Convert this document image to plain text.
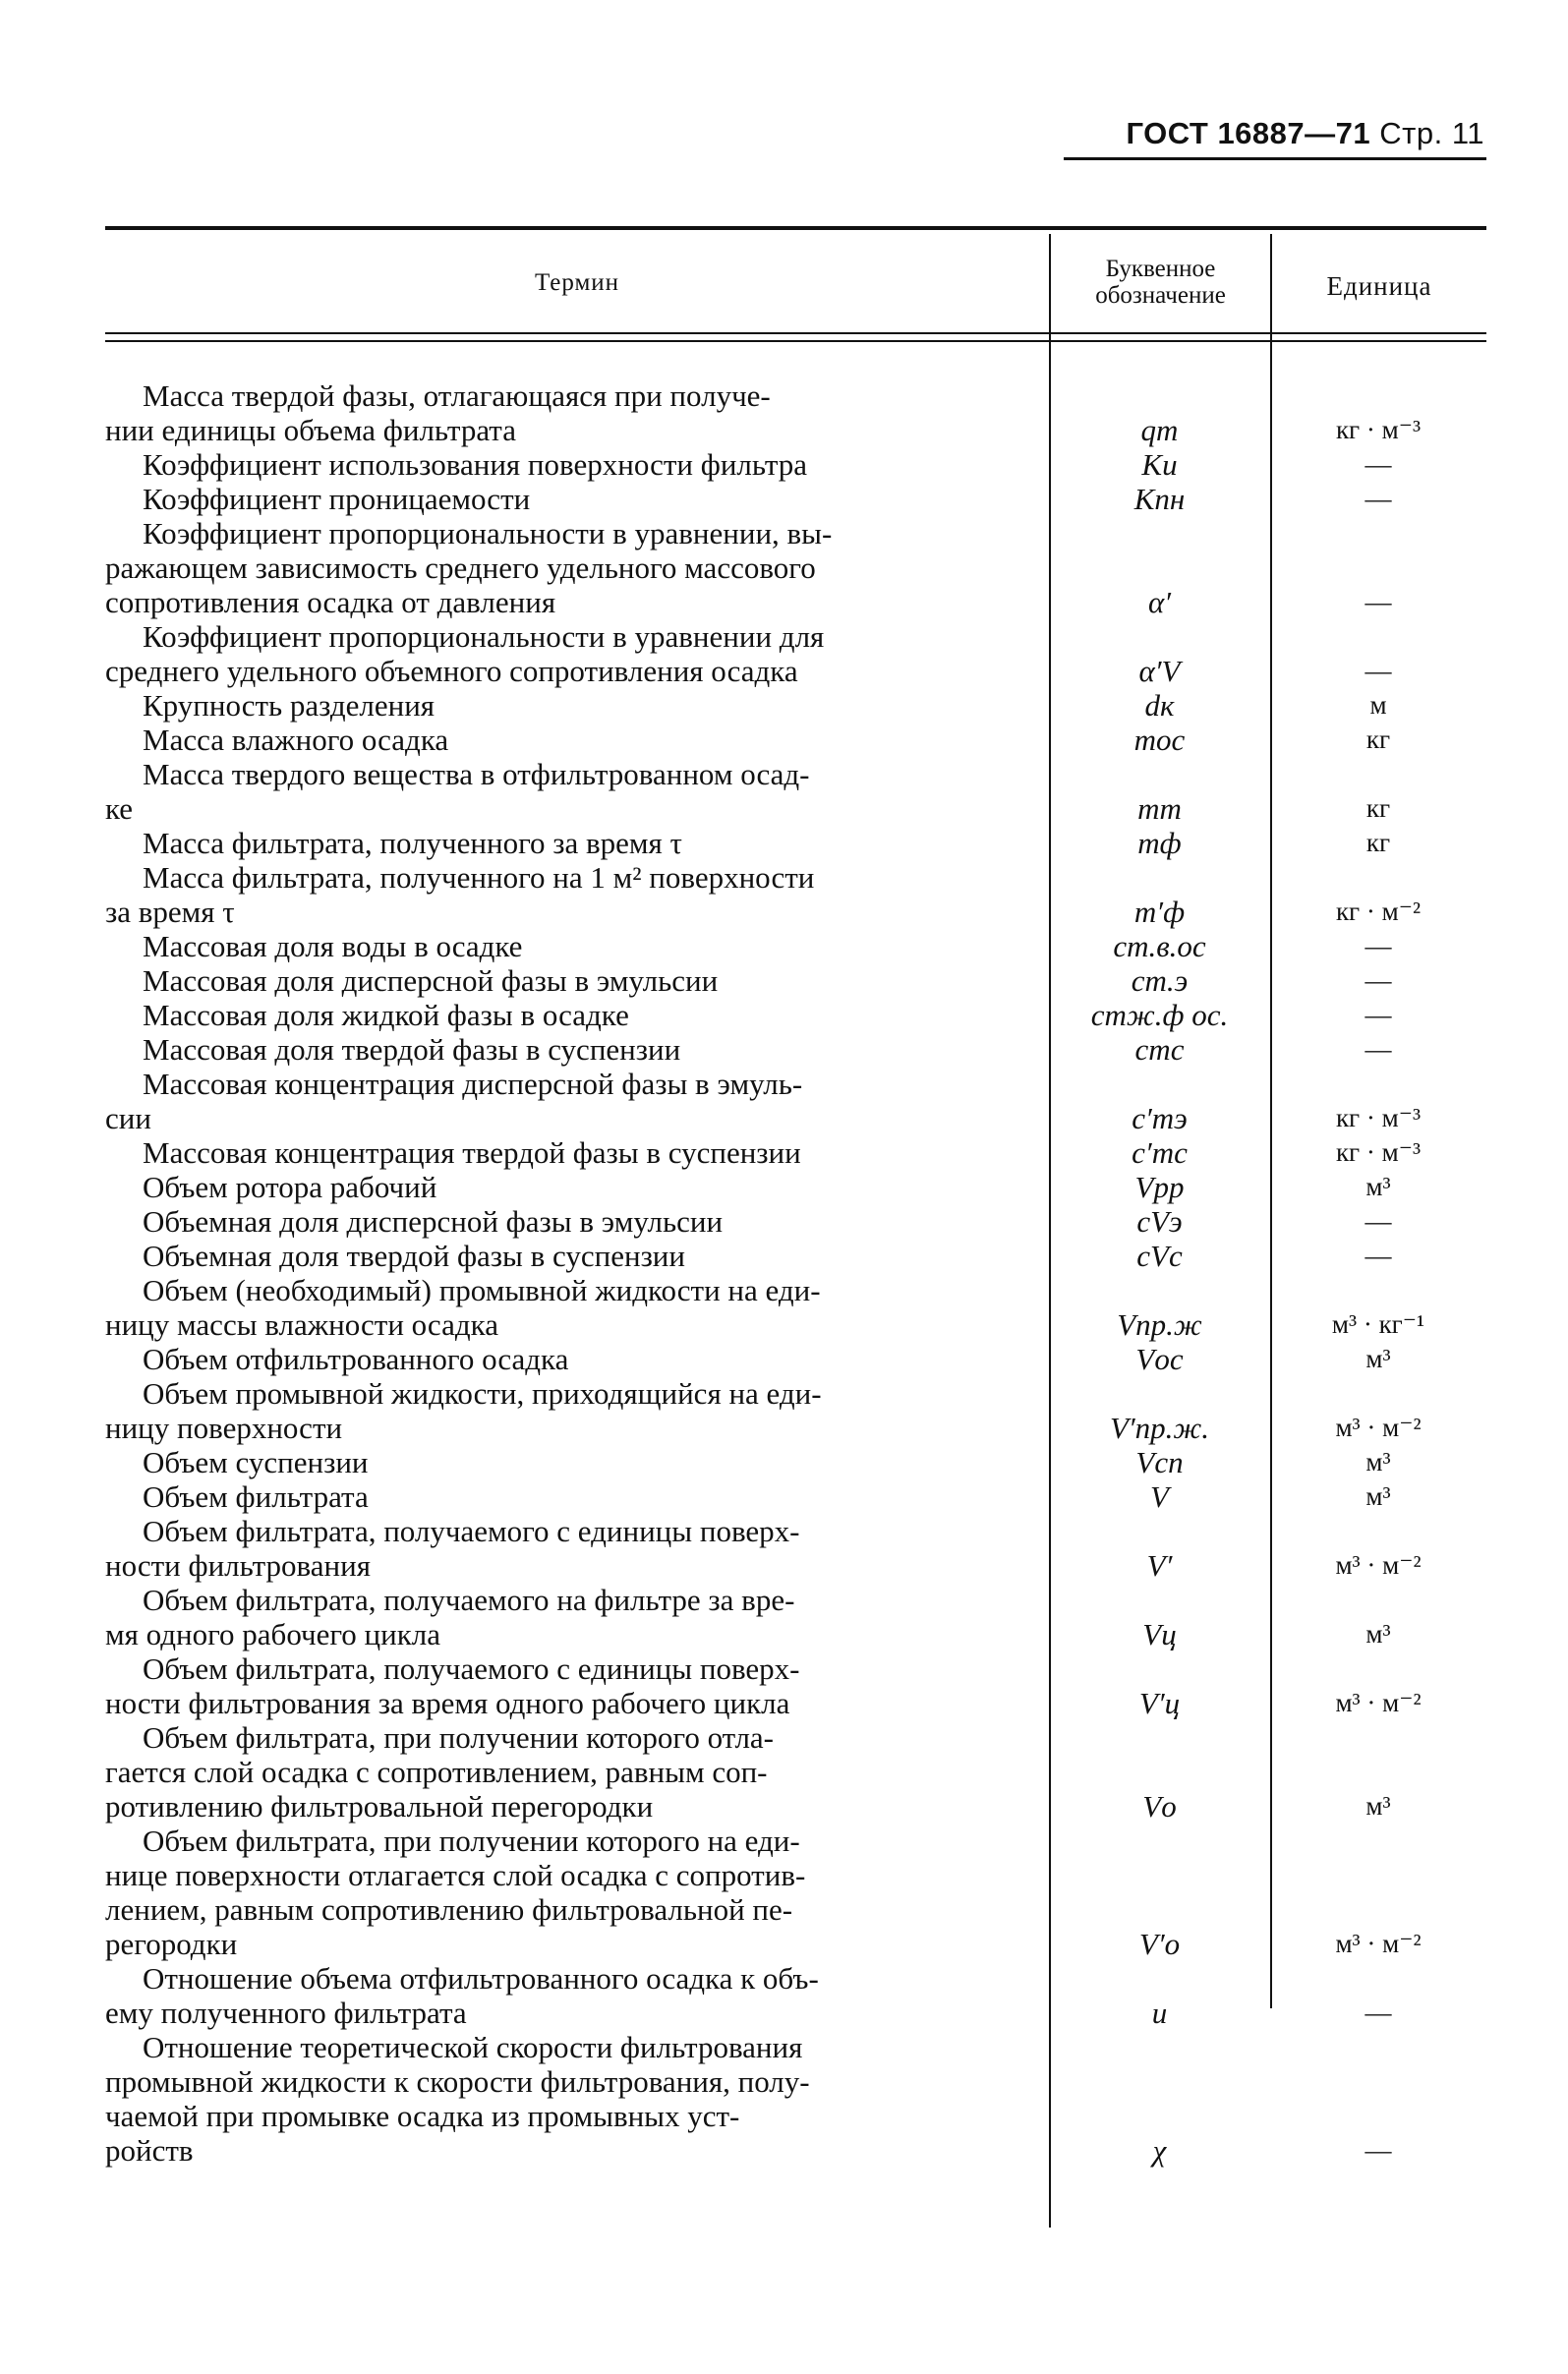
ГОСТ 16887—71 Стр. 11
Термин
Буквенное обозначение	Единица
Масса твердой фазы, отлагающаяся при получе-
нии единицы объема фильтрата	qт	кг · м⁻³
Коэффициент использования поверхности фильтра	Kи	—
Коэффициент проницаемости	Kпн	—
Коэффициент пропорциональности в уравнении, вы-
ражающем зависимость среднего удельного массового
сопротивления осадка от давления	α′	—
Коэффициент пропорциональности в уравнении для
среднего удельного объемного сопротивления осадка	α′V	—
Крупность разделения	dк	м
Масса влажного осадка	mос	кг
Масса твердого вещества в отфильтрованном осад-
ке	mт	кг
Масса фильтрата, полученного за время τ	mф	кг
Масса фильтрата, полученного на 1 м² поверхности
за время τ	m′ф	кг · м⁻²
Массовая доля воды в осадке	cm.в.ос	—
Массовая доля дисперсной фазы в эмульсии	cm.э	—
Массовая доля жидкой фазы в осадке	cmж.ф ос.	—
Массовая доля твердой фазы в суспензии	cmс	—
Массовая концентрация дисперсной фазы в эмуль-
сии	c′mэ	кг · м⁻³
Массовая концентрация твердой фазы в суспензии	c′mс	кг · м⁻³
Объем ротора рабочий	Vрр	м³
Объемная доля дисперсной фазы в эмульсии	cVэ	—
Объемная доля твердой фазы в суспензии	cVс	—
Объем (необходимый) промывной жидкости на еди-
ницу массы влажности осадка	Vпр.ж	м³ · кг⁻¹
Объем отфильтрованного осадка	Vос	м³
Объем промывной жидкости, приходящийся на еди-
ницу поверхности	V′пр.ж.	м³ · м⁻²
Объем суспензии	Vсп	м³
Объем фильтрата	V	м³
Объем фильтрата, получаемого с единицы поверх-
ности фильтрования	V′	м³ · м⁻²
Объем фильтрата, получаемого на фильтре за вре-
мя одного рабочего цикла	Vц	м³
Объем фильтрата, получаемого с единицы поверх-
ности фильтрования за время одного рабочего цикла	V′ц	м³ · м⁻²
Объем фильтрата, при получении которого отла-
гается слой осадка с сопротивлением, равным соп-
ротивлению фильтровальной перегородки	Vо	м³
Объем фильтрата, при получении которого на еди-
нице поверхности отлагается слой осадка с сопротив-
лением, равным сопротивлению фильтровальной пе-
регородки	V′о	м³ · м⁻²
Отношение объема отфильтрованного осадка к объ-
ему полученного фильтрата	u	—
Отношение теоретической скорости фильтрования
промывной жидкости к скорости фильтрования, полу-
чаемой при промывке осадка из промывных уст-
ройств	χ	—
